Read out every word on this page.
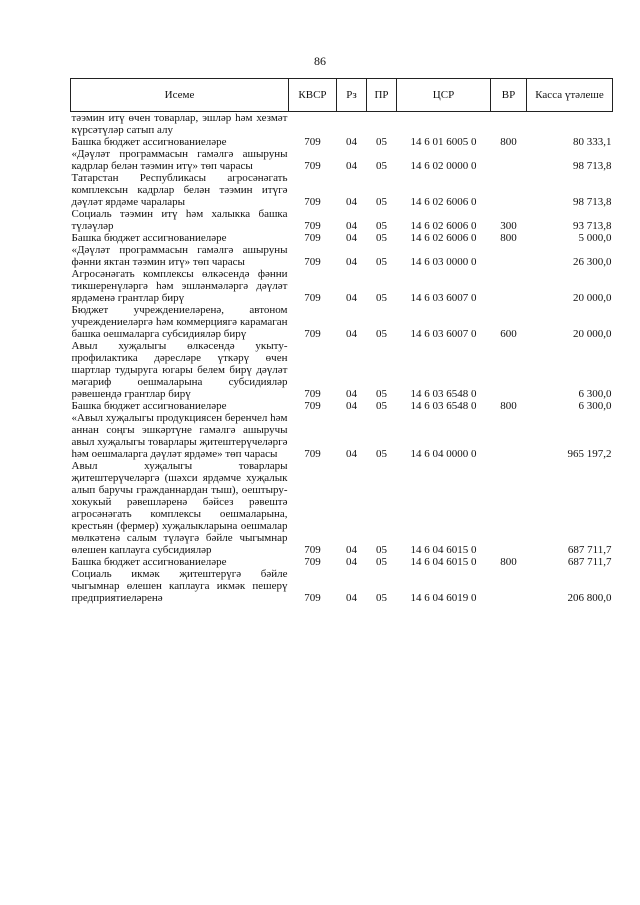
86
Исеме	КВСР	Рз	ПР	ЦСР	ВР	Касса үтәлеше
тәэмин итү өчен товарлар, эшләр һәм хезмәт күрсәтүләр сатып алу						
Башка бюджет ассигнованиеләре	709	04	05	14 6 01 6005 0	800	80 333,1
«Дәүләт программасын гамәлгә ашыруны кадрлар белән тәэмин итү» төп чарасы	709	04	05	14 6 02 0000 0		98 713,8
Татарстан Республикасы агросәнәгать комплексын кадрлар белән тәэмин итүгә дәүләт ярдәме чаралары	709	04	05	14 6 02 6006 0		98 713,8
Социаль тәэмин итү һәм халыкка башка түләүләр	709	04	05	14 6 02 6006 0	300	93 713,8
Башка бюджет ассигнованиеләре	709	04	05	14 6 02 6006 0	800	5 000,0
«Дәүләт программасын гамәлгә ашыруны фәнни яктан тәэмин итү» төп чарасы	709	04	05	14 6 03 0000 0		26 300,0
Агросәнәгать комплексы өлкәсендә фәнни тикшеренүләргә һәм эшләнмәләргә дәүләт ярдәменә грантлар бирү	709	04	05	14 6 03 6007 0		20 000,0
Бюджет учреждениеләренә, автоном учреждениеләргә һәм коммерциягә карамаган башка оешмаларга субсидияләр бирү	709	04	05	14 6 03 6007 0	600	20 000,0
Авыл хуҗалыгы өлкәсендә укыту-профилактика дәресләре үткәрү өчен шартлар тудыруга югары белем бирү дәүләт мәгариф оешмаларына субсидияләр рәвешендә грантлар бирү	709	04	05	14 6 03 6548 0		6 300,0
Башка бюджет ассигнованиеләре	709	04	05	14 6 03 6548 0	800	6 300,0
«Авыл хуҗалыгы продукциясен беренчел һәм аннан соңгы эшкәртүне гамәлгә ашыручы авыл хуҗалыгы товарлары җитештерүчеләргә һәм оешмаларга дәүләт ярдәме» төп чарасы	709	04	05	14 6 04 0000 0		965 197,2
Авыл хуҗалыгы товарлары җитештерүчеләргә (шәхси ярдәмче хуҗалык алып баручы гражданнардан тыш), оештыру-хокукый рәвешләренә бәйсез рәвештә агросәнәгать комплексы оешмаларына, крестьян (фермер) хуҗалыкларына оешмалар мөлкәтенә салым түләүгә бәйле чыгымнар өлешен каплауга субсидияләр	709	04	05	14 6 04 6015 0		687 711,7
Башка бюджет ассигнованиеләре	709	04	05	14 6 04 6015 0	800	687 711,7
Социаль икмәк җитештерүгә бәйле чыгымнар өлешен каплауга икмәк пешерү предприятиеләренә	709	04	05	14 6 04 6019 0		206 800,0
